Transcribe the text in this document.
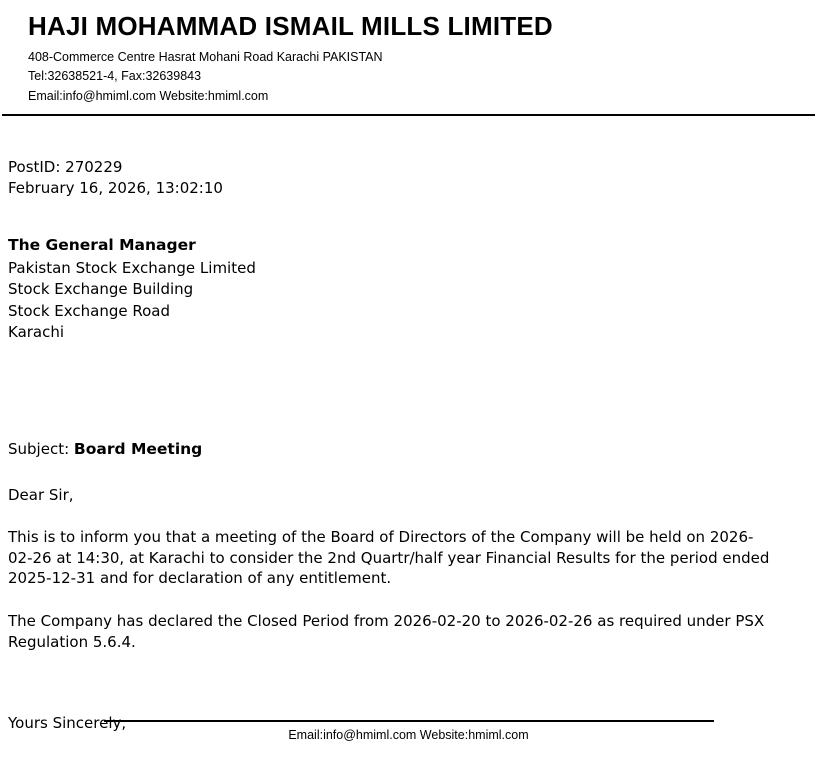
HAJI MOHAMMAD ISMAIL MILLS LIMITED
408-Commerce Centre Hasrat Mohani Road Karachi PAKISTAN
Tel:32638521-4, Fax:32639843
Email:info@hmiml.com Website:hmiml.com
PostID: 270229
February 16, 2026, 13:02:10
The General Manager
Pakistan Stock Exchange Limited
Stock Exchange Building
Stock Exchange Road
Karachi
Subject: Board Meeting
Dear Sir,
This is to inform you that a meeting of the Board of Directors of the Company will be held on 2026-02-26 at 14:30, at Karachi to consider the 2nd Quartr/half year Financial Results for the period ended 2025-12-31 and for declaration of any entitlement.
The Company has declared the Closed Period from 2026-02-20 to 2026-02-26 as required under PSX Regulation 5.6.4.
Yours Sincerely,
Email:info@hmiml.com Website:hmiml.com
